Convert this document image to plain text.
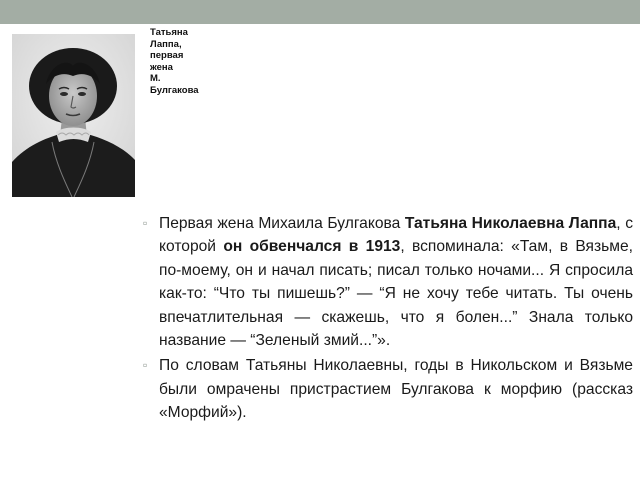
Татьяна
Лаппа,
первая
жена
М.
Булгакова
▫ Первая жена Михаила Булгакова Татьяна Николаевна Лаппа, с которой он обвенчался в 1913, вспоминала: «Там, в Вязьме, по-моему, он и начал писать; писал только ночами... Я спросила как-то: “Что ты пишешь?” — “Я не хочу тебе читать. Ты очень впечатлительная — скажешь, что я болен...” Знала только название — “Зеленый змий...”».
▫ По словам Татьяны Николаевны, годы в Никольском и Вязьме были омрачены пристрастием Булгакова к морфию (рассказ «Морфий»).
